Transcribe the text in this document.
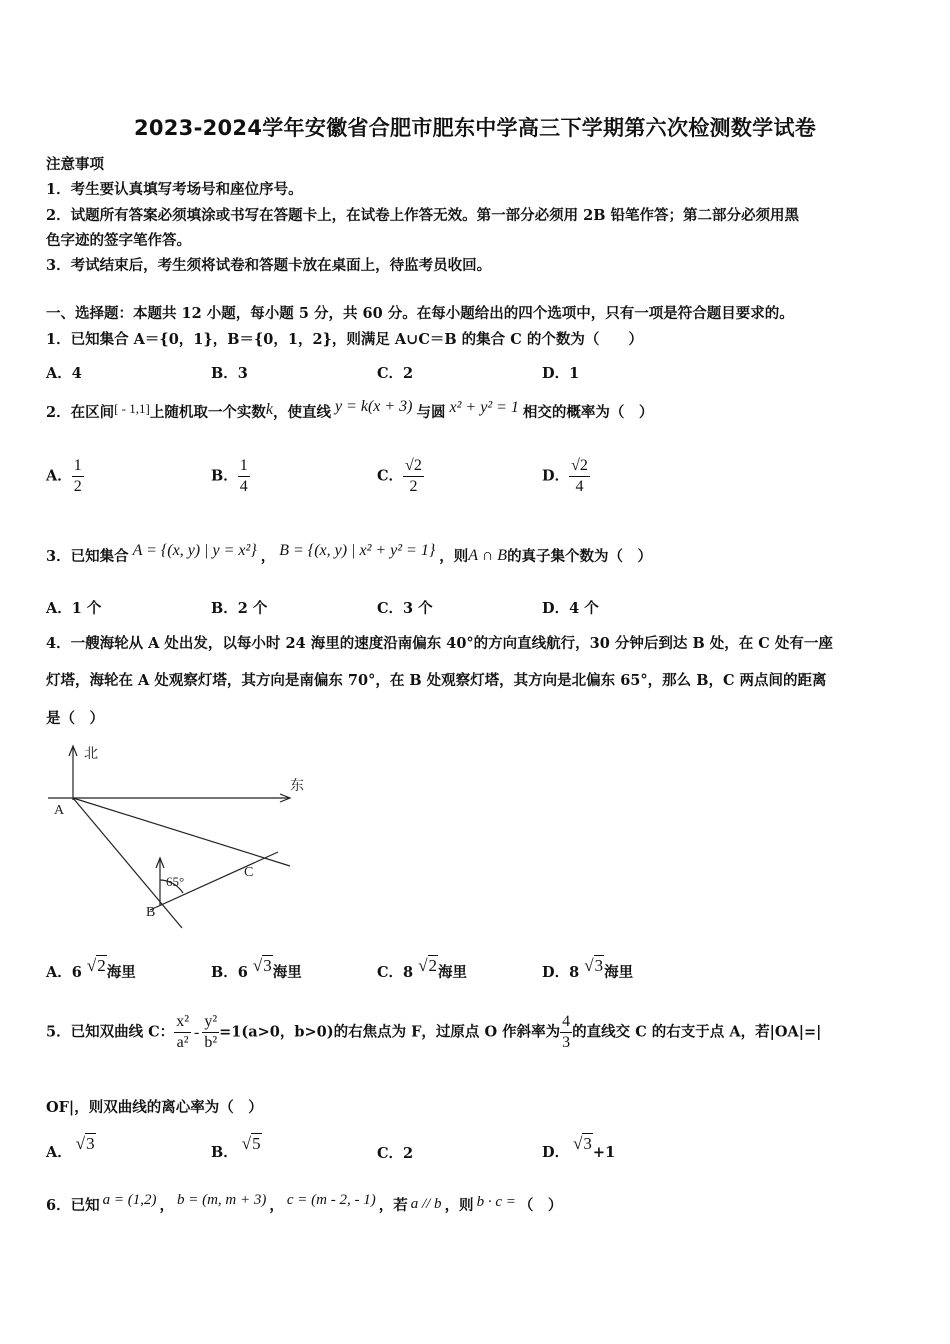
2023-2024学年安徽省合肥市肥东中学高三下学期第六次检测数学试卷
注意事项
1．考生要认真填写考场号和座位序号。
2．试题所有答案必须填涂或书写在答题卡上，在试卷上作答无效。第一部分必须用 2B 铅笔作答；第二部分必须用黑
色字迹的签字笔作答。
3．考试结束后，考生须将试卷和答题卡放在桌面上，待监考员收回。
一、选择题：本题共 12 小题，每小题 5 分，共 60 分。在每小题给出的四个选项中，只有一项是符合题目要求的。
1．已知集合 A＝{0，1}，B＝{0，1，2}，则满足 A∪C＝B 的集合 C 的个数为（　　）
A．4	B．3	C．2	D．1
2．在区间[ - 1,1]上随机取一个实数k，使直线 y = k(x + 3) 与圆 x² + y² = 1 相交的概率为（　）
A． $\frac{1}{2}$	B． $\frac{1}{4}$	C． $\frac{√2}{2}$	D． $\frac{√2}{4}$
3．已知集合 A = {(x, y) | y = x²} ， B = {(x, y) | x² + y² = 1} ，则A ∩ B的真子集个数为（　）
A．1 个	B．2 个	C．3 个	D．4 个
4．一艘海轮从 A 处出发，以每小时 24 海里的速度沿南偏东 40°的方向直线航行，30 分钟后到达 B 处，在 C 处有一座
灯塔，海轮在 A 处观察灯塔，其方向是南偏东 70°，在 B 处观察灯塔，其方向是北偏东 65°，那么 B，C 两点间的距离
是（　）
北
东
A
B
C
65°
A．6 √2海里	B．6 √3海里	C．8 √2海里	D．8 √3海里
5．已知双曲线 C： $\frac{\text{x²}}{\text{a²}} - \frac{\text{y²}}{\text{b²}} =1(a>0$，b>0)的右焦点为 F，过原点 O 作斜率为 $\frac{4}{3}$ 的直线交 C 的右支于点 A，若|OA|=|
OF|，则双曲线的离心率为（　）
A． √3	B． √5
C．2	D． √3+1
6．已知 a = (1,2) ， b = (m, m + 3) ， c = (m - 2, - 1) ，若 a // b ，则 b · c = （　）
